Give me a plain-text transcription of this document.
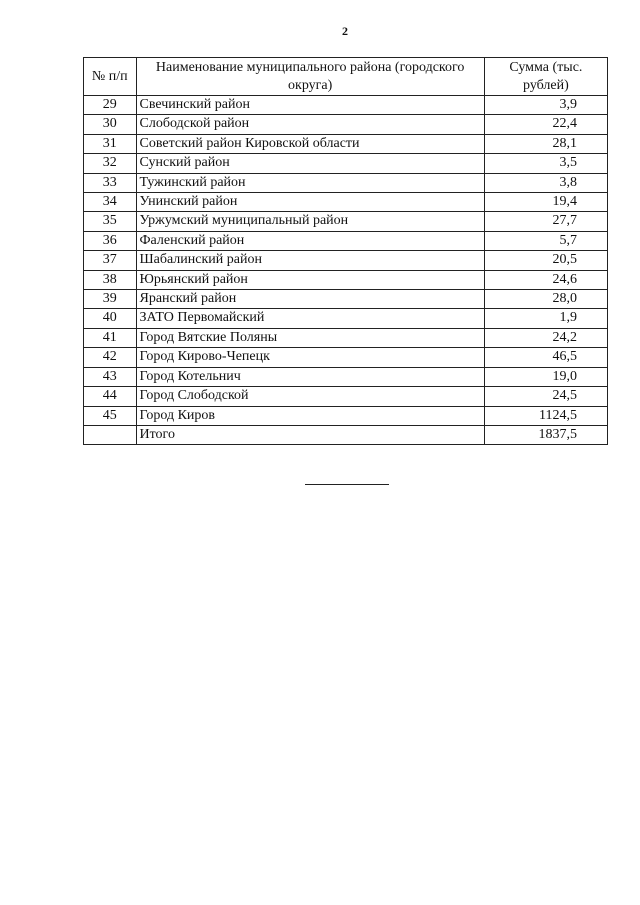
2
№ п/п	Наименование муниципального района (городского округа)	Сумма (тыс. рублей)
29	Свечинский район	3,9
30	Слободской район	22,4
31	Советский район Кировской области	28,1
32	Сунский район	3,5
33	Тужинский район	3,8
34	Унинский район	19,4
35	Уржумский муниципальный район	27,7
36	Фаленский район	5,7
37	Шабалинский район	20,5
38	Юрьянский район	24,6
39	Яранский район	28,0
40	ЗАТО Первомайский	1,9
41	Город Вятские Поляны	24,2
42	Город Кирово-Чепецк	46,5
43	Город Котельнич	19,0
44	Город Слободской	24,5
45	Город Киров	1124,5
	Итого	1837,5
